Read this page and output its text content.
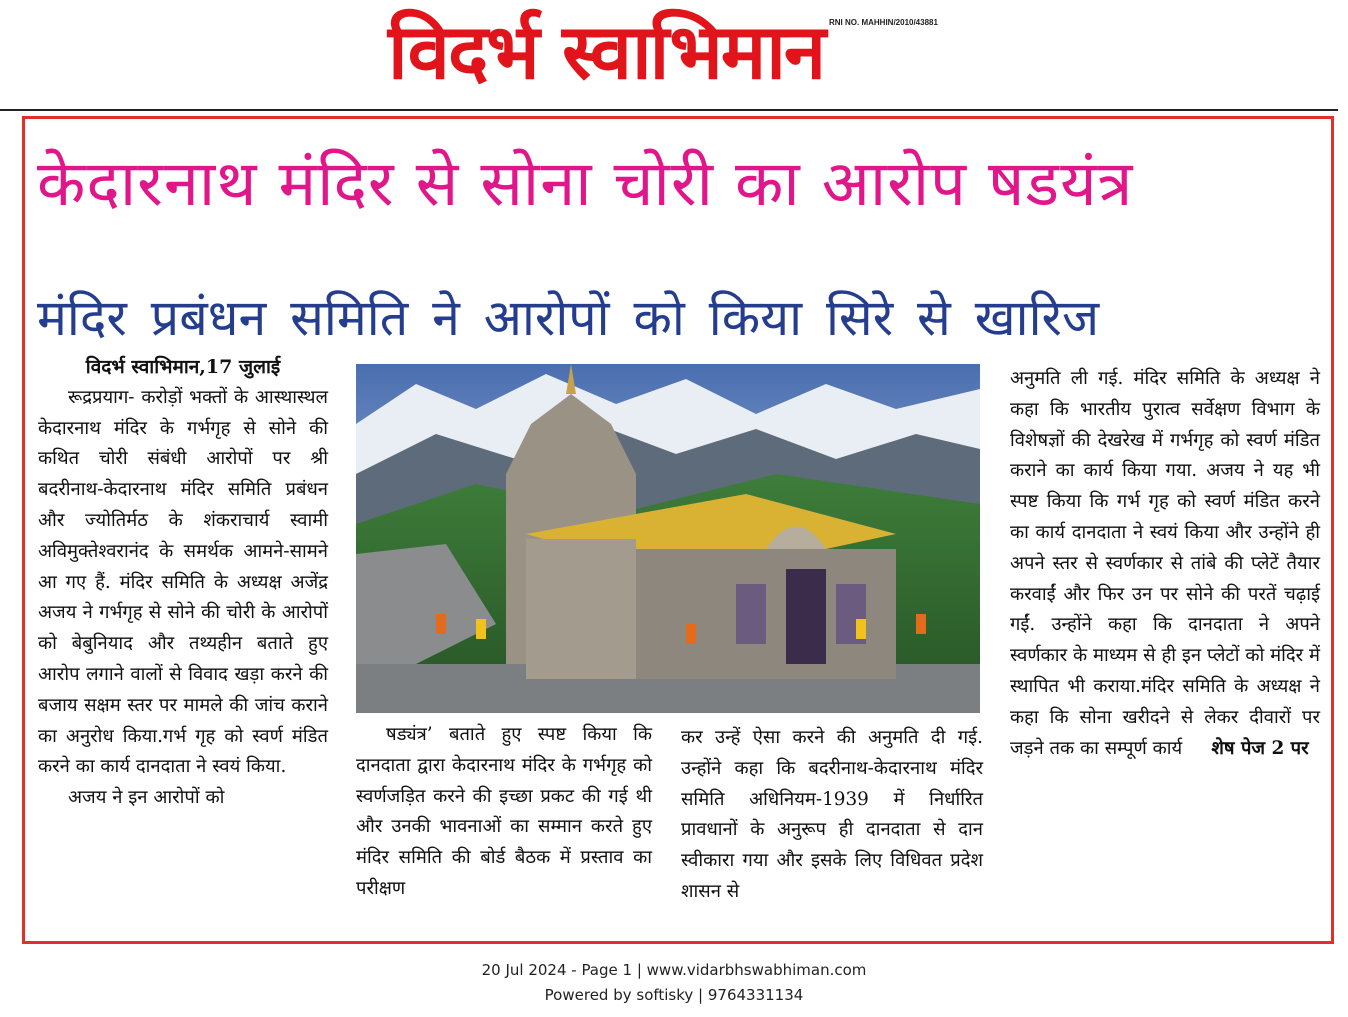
विदर्भ स्वाभिमान RNI NO. MAHHIN/2010/43881
केदारनाथ मंदिर से सोना चोरी का आरोप षडयंत्र
मंदिर प्रबंधन समिति ने आरोपों को किया सिरे से खारिज

विदर्भ स्वाभिमान,17 जुलाई

रूद्रप्रयाग- करोड़ों भक्तों के आस्थास्थल केदारनाथ मंदिर के गर्भगृह से सोने की कथित चोरी संबंधी आरोपों पर श्री बदरीनाथ-केदारनाथ मंदिर समिति प्रबंधन और ज्योतिर्मठ के शंकराचार्य स्वामी अविमुक्तेश्वरानंद के समर्थक आमने-सामने आ गए हैं. मंदिर समिति के अध्यक्ष अजेंद्र अजय ने गर्भगृह से सोने की चोरी के आरोपों को बेबुनियाद और तथ्यहीन बताते हुए आरोप लगाने वालों से विवाद खड़ा करने की बजाय सक्षम स्तर पर मामले की जांच कराने का अनुरोध किया.गर्भ गृह को स्वर्ण मंडित करने का कार्य दानदाता ने स्वयं किया.

अजय ने इन आरोपों को

षड्यंत्र’ बताते हुए स्पष्ट किया कि दानदाता द्वारा केदारनाथ मंदिर के गर्भगृह को स्वर्णजड़ित करने की इच्छा प्रकट की गई थी और उनकी भावनाओं का सम्मान करते हुए मंदिर समिति की बोर्ड बैठक में प्रस्ताव का परीक्षण

कर उन्हें ऐसा करने की अनुमति दी गई. उन्होंने कहा कि बदरीनाथ-केदारनाथ मंदिर समिति अधिनियम-1939 में निर्धारित प्रावधानों के अनुरूप ही दानदाता से दान स्वीकारा गया और इसके लिए विधिवत प्रदेश शासन से

अनुमति ली गई. मंदिर समिति के अध्यक्ष ने कहा कि भारतीय पुरात्व सर्वेक्षण विभाग के विशेषज्ञों की देखरेख में गर्भगृह को स्वर्ण मंडित कराने का कार्य किया गया. अजय ने यह भी स्पष्ट किया कि गर्भ गृह को स्वर्ण मंडित करने का कार्य दानदाता ने स्वयं किया और उन्होंने ही अपने स्तर से स्वर्णकार से तांबे की प्लेटें तैयार करवाईं और फिर उन पर सोने की परतें चढ़ाई गईं. उन्होंने कहा कि दानदाता ने अपने स्वर्णकार के माध्यम से ही इन प्लेटों को मंदिर में स्थापित भी कराया.मंदिर समिति के अध्यक्ष ने कहा कि सोना खरीदने से लेकर दीवारों पर जड़ने तक का सम्पूर्ण कार्य शेष पेज 2 पर

20 Jul 2024 - Page 1 | www.vidarbhswabhiman.com
Powered by softisky | 9764331134
